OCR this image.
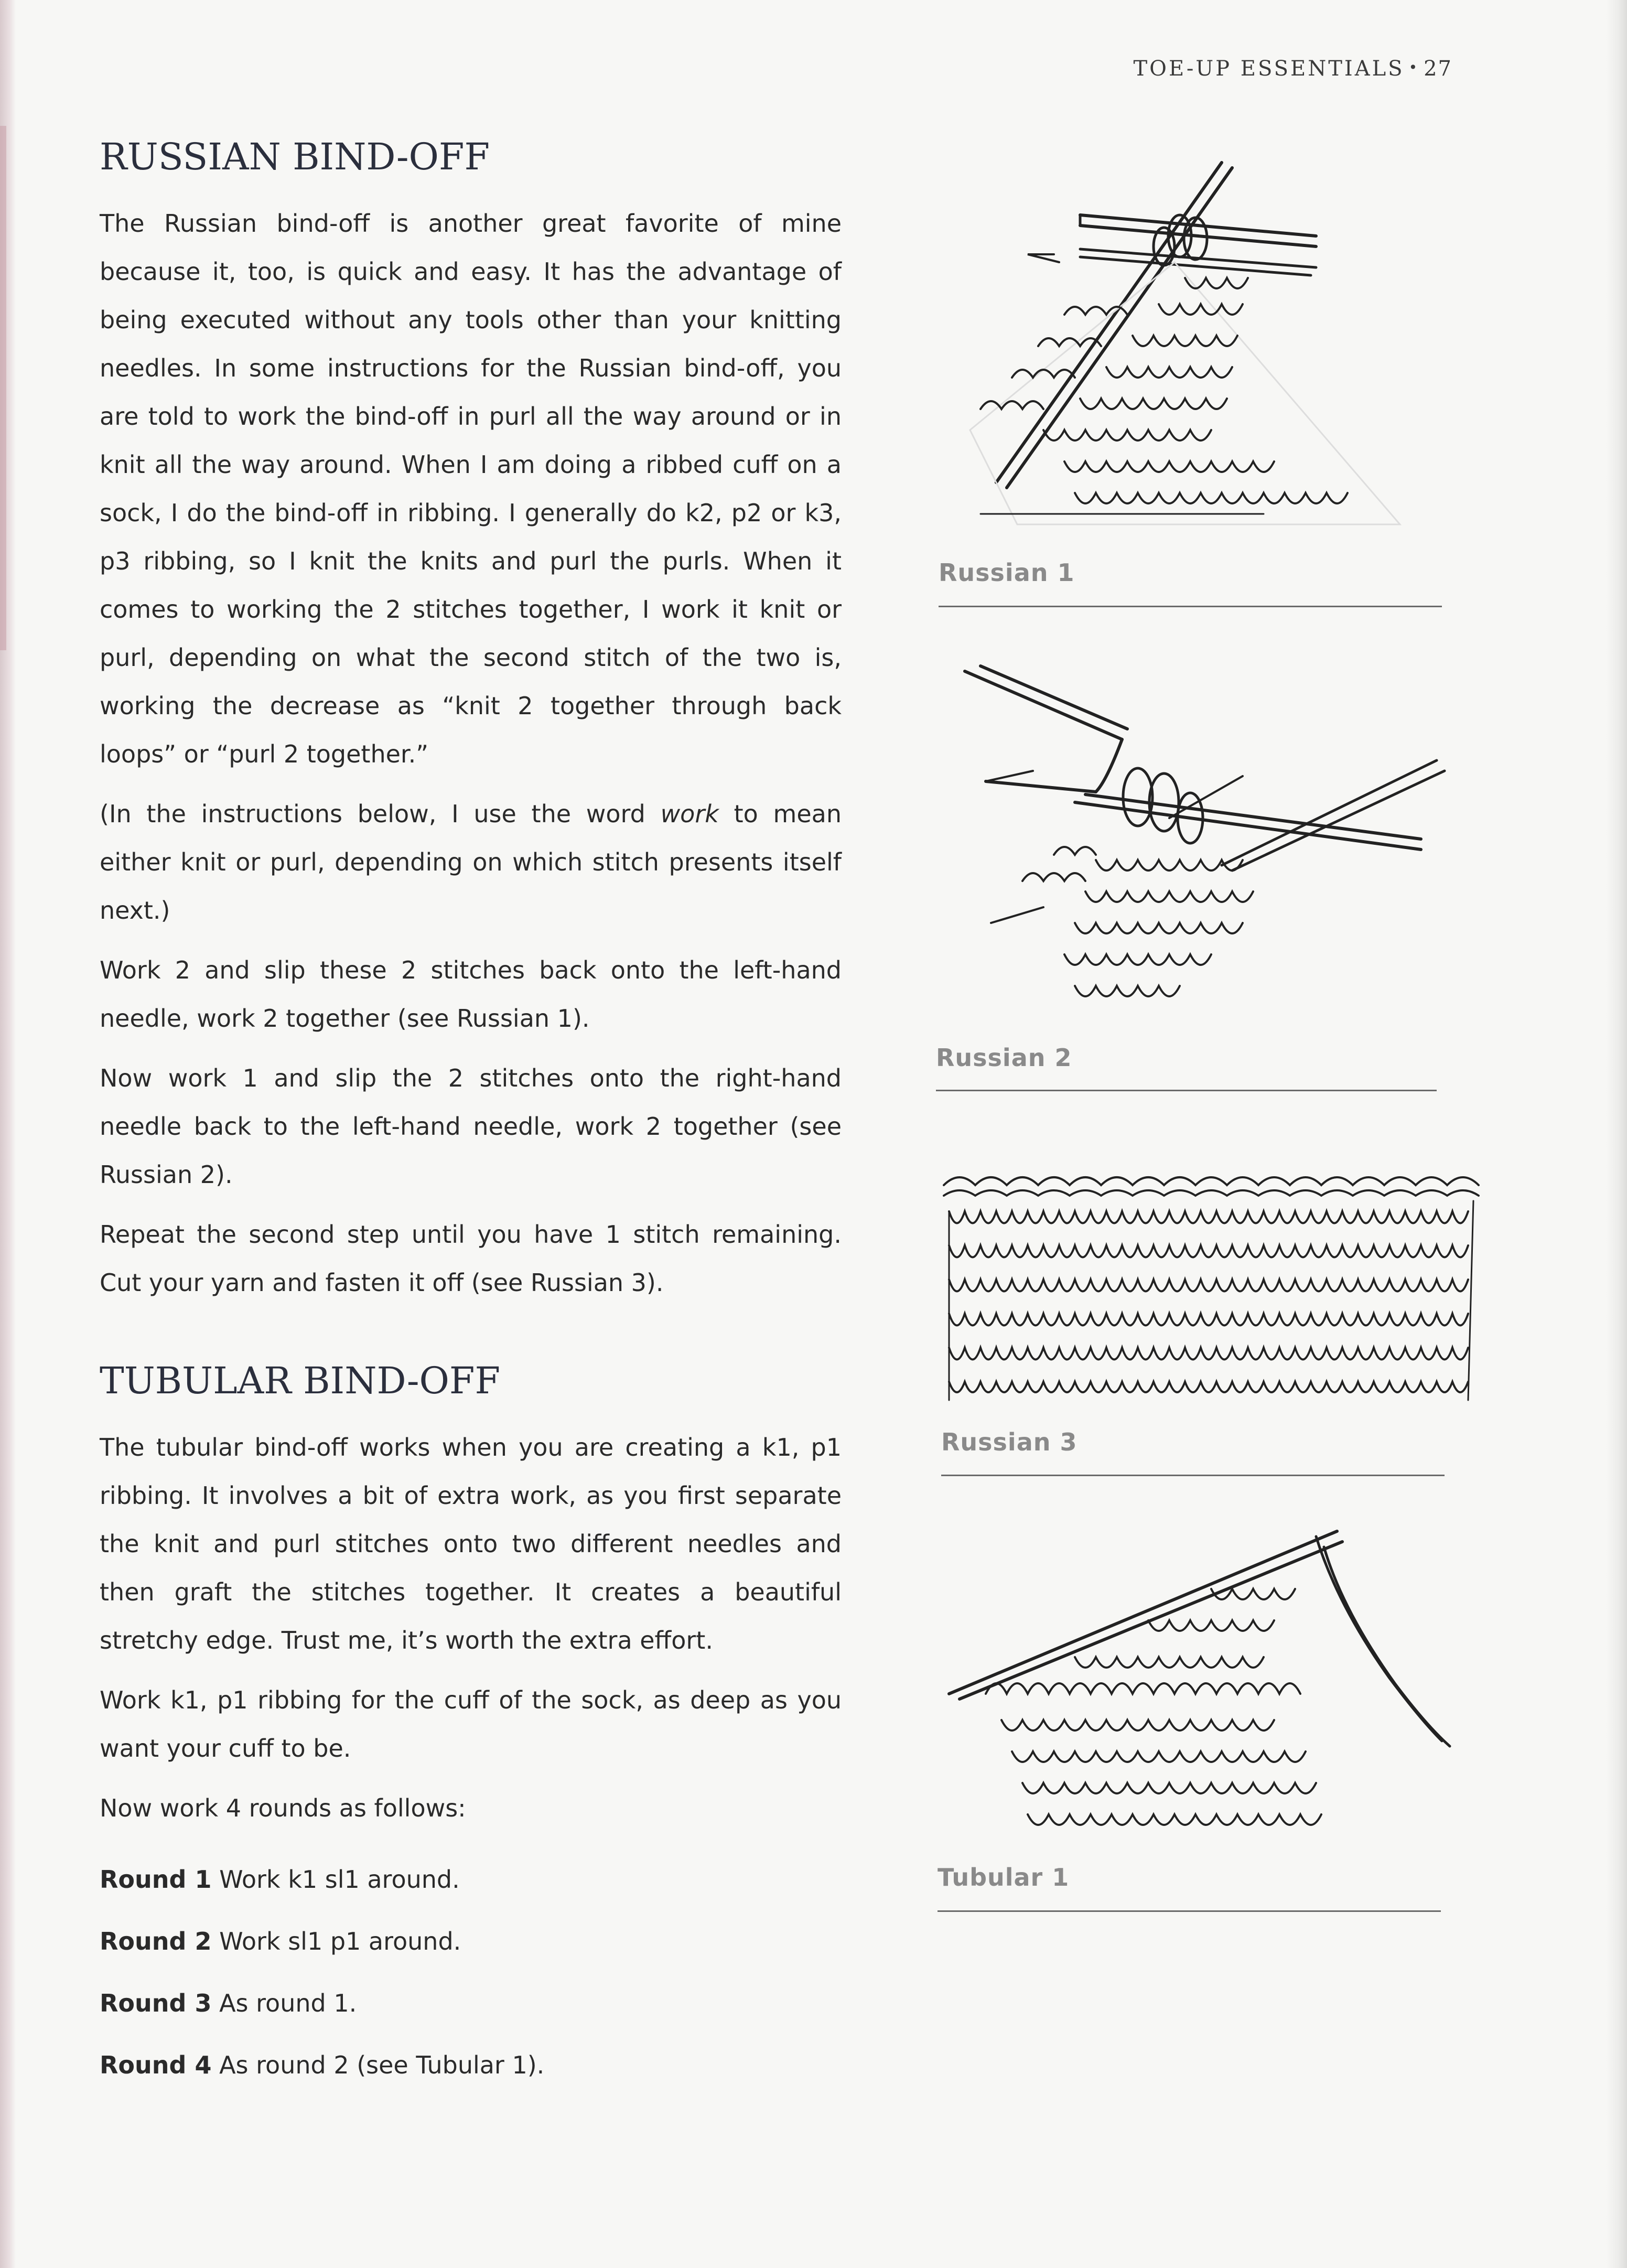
TOE-UP ESSENTIALS • 27
RUSSIAN BIND-OFF

The Russian bind-off is another great favorite of mine because it, too, is quick and easy. It has the advantage of being executed without any tools other than your knitting needles. In some instructions for the Russian bind-off, you are told to work the bind-off in purl all the way around or in knit all the way around. When I am doing a ribbed cuff on a sock, I do the bind-off in ribbing. I generally do k2, p2 or k3, p3 ribbing, so I knit the knits and purl the purls. When it comes to working the 2 stitches together, I work it knit or purl, depending on what the second stitch of the two is, working the decrease as “knit 2 together through back loops” or “purl 2 together.”

(In the instructions below, I use the word work to mean either knit or purl, depending on which stitch presents itself next.)

Work 2 and slip these 2 stitches back onto the left-hand needle, work 2 together (see Russian 1).

Now work 1 and slip the 2 stitches onto the right-hand needle back to the left-hand needle, work 2 together (see Russian 2).

Repeat the second step until you have 1 stitch remaining. Cut your yarn and fasten it off (see Russian 3).

TUBULAR BIND-OFF

The tubular bind-off works when you are creating a k1, p1 ribbing. It involves a bit of extra work, as you first separate the knit and purl stitches onto two different needles and then graft the stitches together. It creates a beautiful stretchy edge. Trust me, it’s worth the extra effort.

Work k1, p1 ribbing for the cuff of the sock, as deep as you want your cuff to be.

Now work 4 rounds as follows:

Round 1 Work k1 sl1 around.

Round 2 Work sl1 p1 around.

Round 3 As round 1.

Round 4 As round 2 (see Tubular 1).

Russian 1
Russian 2
Russian 3
Tubular 1
